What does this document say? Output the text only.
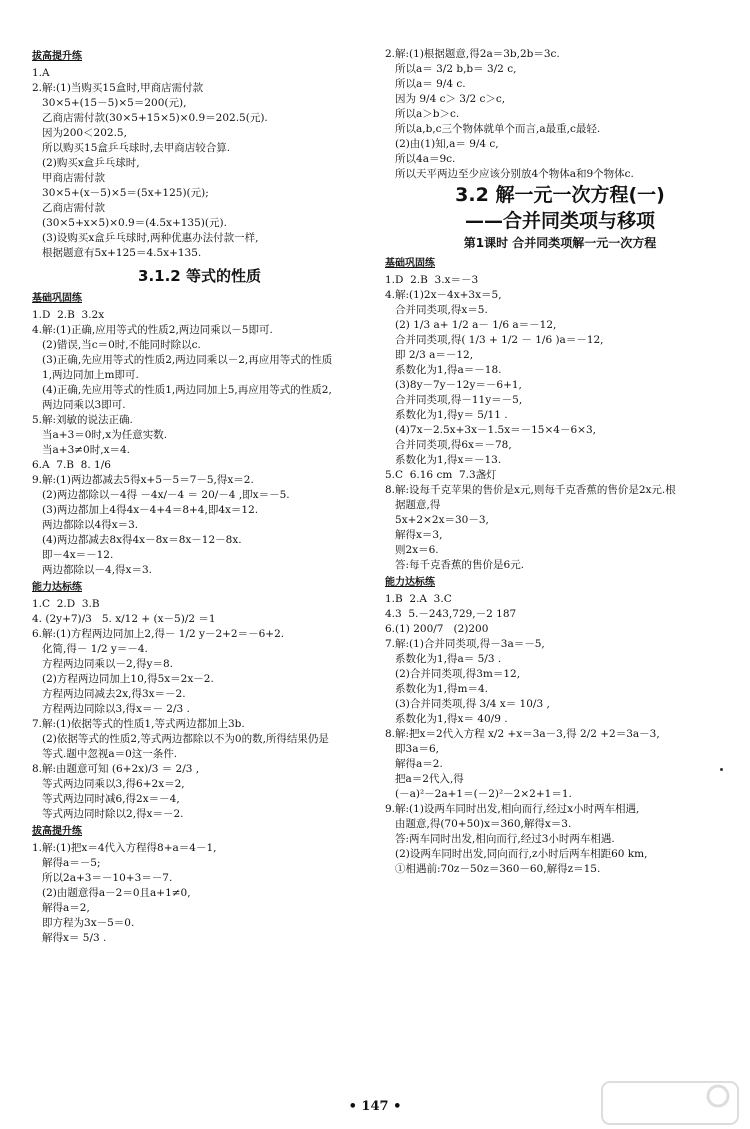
拔高提升练
1.A
2.解:(1)当购买15盒时,甲商店需付款
30×5+(15－5)×5＝200(元),
乙商店需付款(30×5+15×5)×0.9＝202.5(元).
因为200＜202.5,
所以购买15盒乒乓球时,去甲商店较合算.
(2)购买x盒乒乓球时,
甲商店需付款
30×5+(x－5)×5＝(5x+125)(元);
乙商店需付款
(30×5+x×5)×0.9＝(4.5x+135)(元).
(3)设购买x盒乒乓球时,两种优惠办法付款一样,
根据题意有5x+125＝4.5x+135.
3.1.2 等式的性质
基础巩固练
1.D  2.B  3.2x
4.解:(1)正确,应用等式的性质2,两边同乘以－5即可.
(2)错误,当c＝0时,不能同时除以c.
(3)正确,先应用等式的性质2,两边同乘以－2,再应用等式的性质
1,两边同加上m即可.
(4)正确,先应用等式的性质1,两边同加上5,再应用等式的性质2,
两边同乘以3即可.
5.解:刘敏的说法正确.
当a+3＝0时,x为任意实数.
当a+3≠0时,x＝4.
6.A  7.B  8. 1/6
9.解:(1)两边都减去5得x+5－5＝7－5,得x＝2.
(2)两边都除以－4得 －4x/－4 ＝ 20/－4 ,即x＝－5.
(3)两边都加上4得4x－4+4＝8+4,即4x＝12.
两边都除以4得x＝3.
(4)两边都减去8x得4x－8x＝8x－12－8x.
即－4x＝－12.
两边都除以－4,得x＝3.
能力达标练
1.C  2.D  3.B
4. (2y+7)/3   5. x/12 + (x－5)/2 ＝1
6.解:(1)方程两边同加上2,得－ 1/2 y－2+2＝－6+2.
化简,得－ 1/2 y＝－4.
方程两边同乘以－2,得y＝8.
(2)方程两边同加上10,得5x＝2x－2.
方程两边同减去2x,得3x＝－2.
方程两边同除以3,得x＝－ 2/3 .
7.解:(1)依据等式的性质1,等式两边都加上3b.
(2)依据等式的性质2,等式两边都除以不为0的数,所得结果仍是
等式.题中忽视a＝0这一条件.
8.解:由题意可知 (6+2x)/3 ＝ 2/3 ,
等式两边同乘以3,得6+2x＝2,
等式两边同时减6,得2x＝－4,
等式两边同时除以2,得x＝－2.
拔高提升练
1.解:(1)把x＝4代入方程得8+a＝4－1,
解得a＝－5;
所以2a+3＝－10+3＝－7.
(2)由题意得a－2＝0且a+1≠0,
解得a＝2,
即方程为3x－5＝0.
解得x＝ 5/3 .
2.解:(1)根据题意,得2a＝3b,2b＝3c.
所以a＝ 3/2 b,b＝ 3/2 c,
所以a＝ 9/4 c.
因为 9/4 c＞ 3/2 c＞c,
所以a＞b＞c.
所以a,b,c三个物体就单个而言,a最重,c最轻.
(2)由(1)知,a＝ 9/4 c,
所以4a＝9c.
所以天平两边至少应该分别放4个物体a和9个物体c.
3.2 解一元一次方程(一)
——合并同类项与移项
第1课时 合并同类项解一元一次方程
基础巩固练
1.D  2.B  3.x＝－3
4.解:(1)2x－4x+3x＝5,
合并同类项,得x＝5.
(2) 1/3 a+ 1/2 a－ 1/6 a＝－12,
合并同类项,得( 1/3 + 1/2 － 1/6 )a＝－12,
即 2/3 a＝－12,
系数化为1,得a＝－18.
(3)8y－7y－12y＝－6+1,
合并同类项,得－11y＝－5,
系数化为1,得y＝ 5/11 .
(4)7x－2.5x+3x－1.5x＝－15×4－6×3,
合并同类项,得6x＝－78,
系数化为1,得x＝－13.
5.C  6.16 cm  7.3盏灯
8.解:设每千克苹果的售价是x元,则每千克香蕉的售价是2x元.根
据题意,得
5x+2×2x＝30－3,
解得x＝3,
则2x＝6.
答:每千克香蕉的售价是6元.
能力达标练
1.B  2.A  3.C
4.3  5.－243,729,－2 187
6.(1) 200/7   (2)200
7.解:(1)合并同类项,得－3a＝－5,
系数化为1,得a＝ 5/3 .
(2)合并同类项,得3m＝12,
系数化为1,得m＝4.
(3)合并同类项,得 3/4 x＝ 10/3 ,
系数化为1,得x＝ 40/9 .
8.解:把x＝2代入方程 x/2 +x＝3a－3,得 2/2 +2＝3a－3,
即3a＝6,
解得a＝2.
把a＝2代入,得
(－a)²－2a+1＝(－2)²－2×2+1＝1.
9.解:(1)设两车同时出发,相向而行,经过x小时两车相遇,
由题意,得(70+50)x＝360,解得x＝3.
答:两车同时出发,相向而行,经过3小时两车相遇.
(2)设两车同时出发,同向而行,z小时后两车相距60 km,
①相遇前:70z－50z＝360－60,解得z＝15.
• 147 •
